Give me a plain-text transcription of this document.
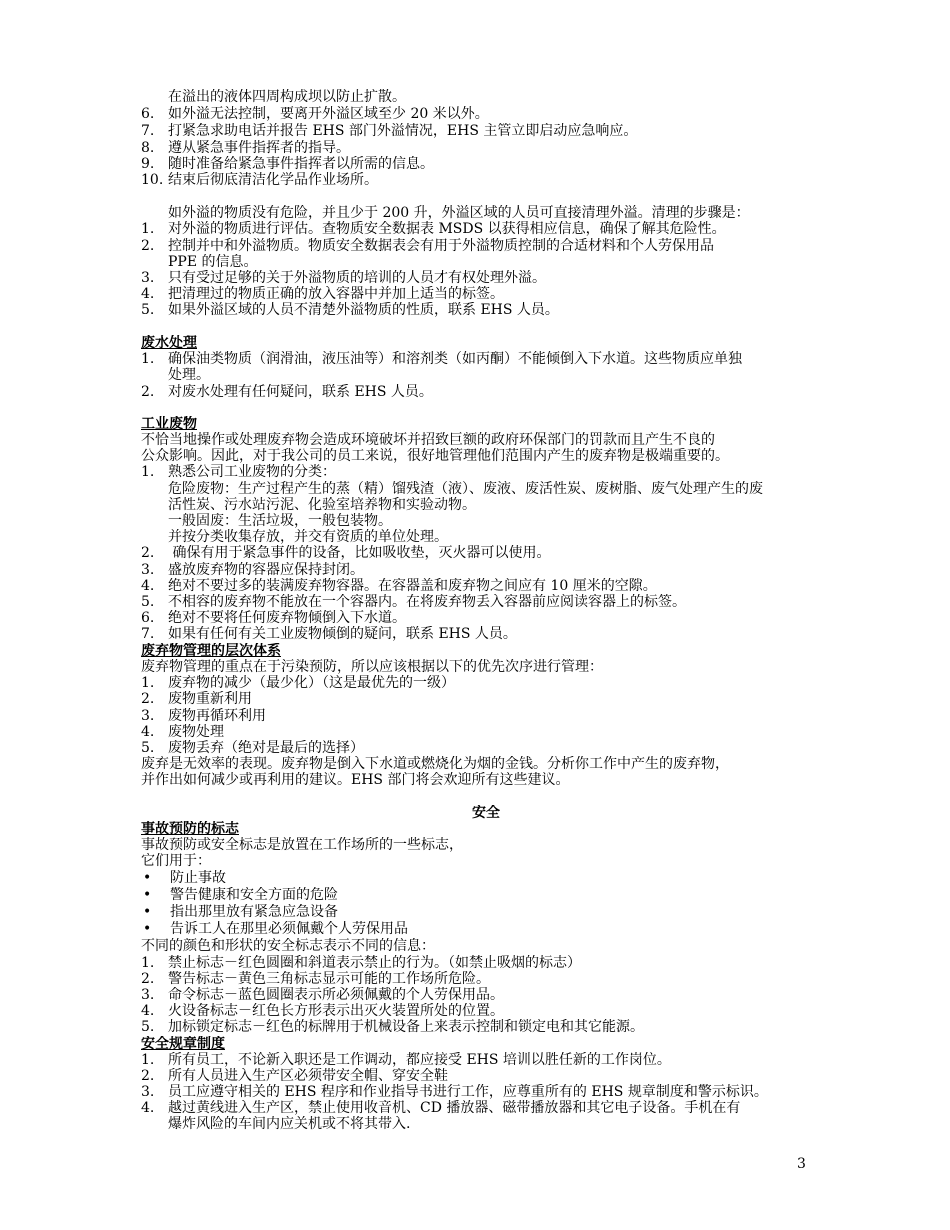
在溢出的液体四周构成坝以防止扩散。
6. 如外溢无法控制，要离开外溢区域至少 20 米以外。
7. 打紧急求助电话并报告 EHS 部门外溢情况，EHS 主管立即启动应急响应。
8. 遵从紧急事件指挥者的指导。
9. 随时准备给紧急事件指挥者以所需的信息。
10. 结束后彻底清洁化学品作业场所。
如外溢的物质没有危险，并且少于 200 升，外溢区域的人员可直接清理外溢。清理的步骤是：
1. 对外溢的物质进行评估。查物质安全数据表 MSDS 以获得相应信息，确保了解其危险性。
2. 控制并中和外溢物质。物质安全数据表会有用于外溢物质控制的合适材料和个人劳保用品
PPE 的信息。
3. 只有受过足够的关于外溢物质的培训的人员才有权处理外溢。
4. 把清理过的物质正确的放入容器中并加上适当的标签。
5. 如果外溢区域的人员不清楚外溢物质的性质，联系 EHS 人员。
废水处理
1. 确保油类物质（润滑油，液压油等）和溶剂类（如丙酮）不能倾倒入下水道。这些物质应单独
处理。
2. 对废水处理有任何疑问，联系 EHS 人员。
工业废物
不恰当地操作或处理废弃物会造成环境破坏并招致巨额的政府环保部门的罚款而且产生不良的
公众影响。因此，对于我公司的员工来说，很好地管理他们范围内产生的废弃物是极端重要的。
1. 熟悉公司工业废物的分类：
危险废物：生产过程产生的蒸（精）馏残渣（液）、废液、废活性炭、废树脂、废气处理产生的废
活性炭、污水站污泥、化验室培养物和实验动物。
一般固废：生活垃圾，一般包装物。
并按分类收集存放，并交有资质的单位处理。
2. 确保有用于紧急事件的设备，比如吸收垫，灭火器可以使用。
3. 盛放废弃物的容器应保持封闭。
4. 绝对不要过多的装满废弃物容器。在容器盖和废弃物之间应有 10 厘米的空隙。
5. 不相容的废弃物不能放在一个容器内。在将废弃物丢入容器前应阅读容器上的标签。
6. 绝对不要将任何废弃物倾倒入下水道。
7. 如果有任何有关工业废物倾倒的疑问，联系 EHS 人员。
废弃物管理的层次体系
废弃物管理的重点在于污染预防，所以应该根据以下的优先次序进行管理：
1. 废弃物的减少（最少化）（这是最优先的一级）
2. 废物重新利用
3. 废物再循环利用
4. 废物处理
5. 废物丢弃（绝对是最后的选择）
废弃是无效率的表现。废弃物是倒入下水道或燃烧化为烟的金钱。分析你工作中产生的废弃物，
并作出如何减少或再利用的建议。EHS 部门将会欢迎所有这些建议。
安全
事故预防的标志
事故预防或安全标志是放置在工作场所的一些标志，
它们用于：
• 防止事故
• 警告健康和安全方面的危险
• 指出那里放有紧急应急设备
• 告诉工人在那里必须佩戴个人劳保用品
不同的颜色和形状的安全标志表示不同的信息：
1. 禁止标志－红色圆圈和斜道表示禁止的行为。（如禁止吸烟的标志）
2. 警告标志－黄色三角标志显示可能的工作场所危险。
3. 命令标志－蓝色圆圈表示所必须佩戴的个人劳保用品。
4. 火设备标志－红色长方形表示出灭火装置所处的位置。
5. 加标锁定标志－红色的标牌用于机械设备上来表示控制和锁定电和其它能源。
安全规章制度
1. 所有员工，不论新入职还是工作调动，都应接受 EHS 培训以胜任新的工作岗位。
2. 所有人员进入生产区必须带安全帽、穿安全鞋
3. 员工应遵守相关的 EHS 程序和作业指导书进行工作，应尊重所有的 EHS 规章制度和警示标识。
4. 越过黄线进入生产区，禁止使用收音机、CD 播放器、磁带播放器和其它电子设备。手机在有
爆炸风险的车间内应关机或不将其带入.
3
